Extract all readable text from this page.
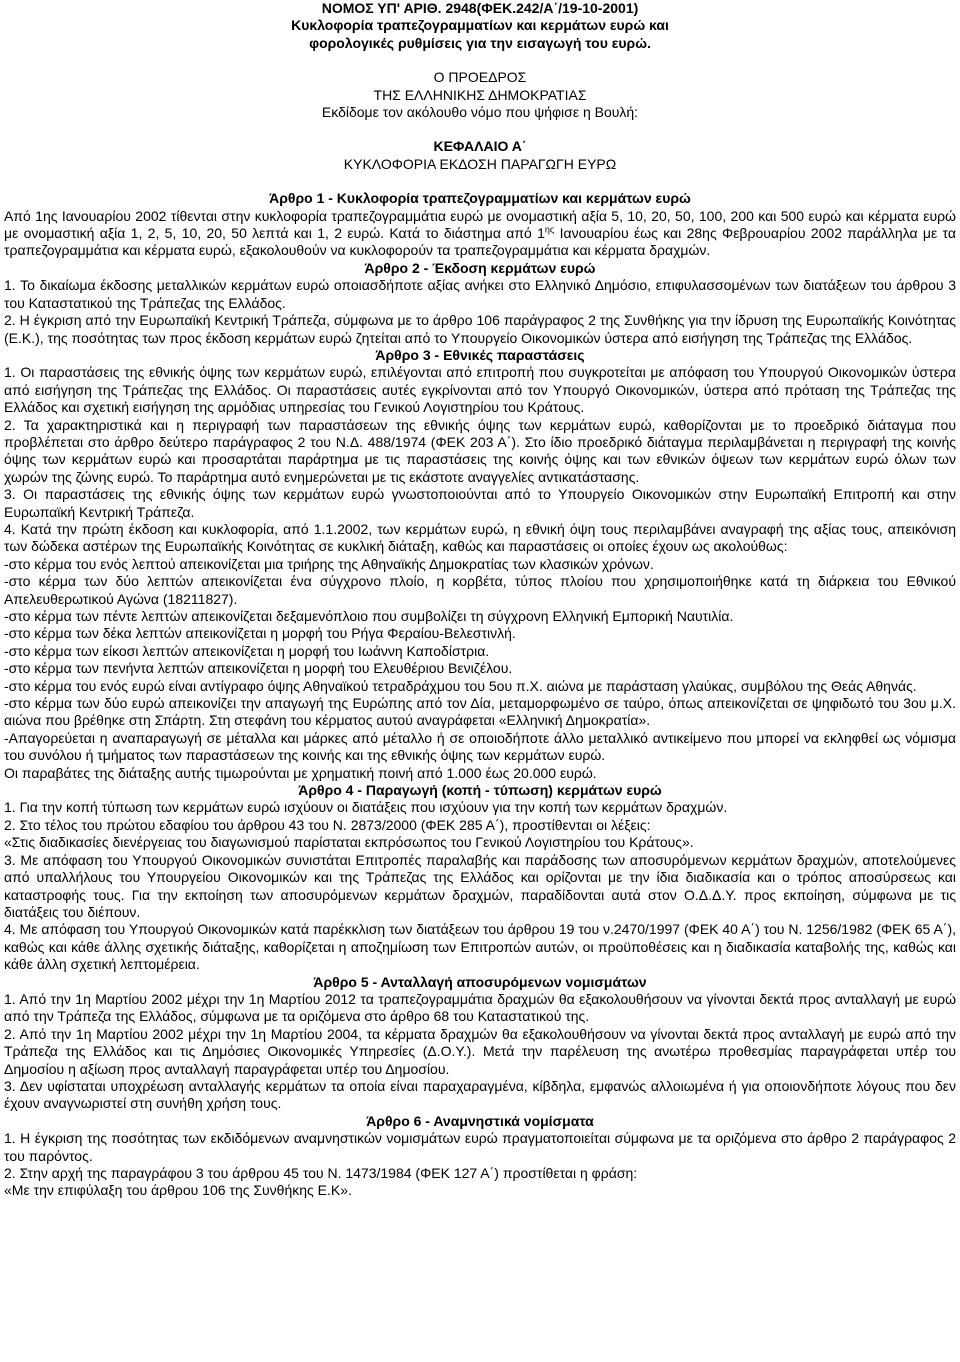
ΝΟΜΟΣ ΥΠ' ΑΡΙΘ. 2948(ΦΕΚ.242/Α΄/19-10-2001)
Κυκλοφορία τραπεζογραμματίων και κερμάτων ευρώ και
φορολογικές ρυθμίσεις για την εισαγωγή του ευρώ.
Ο ΠΡΟΕΔΡΟΣ
ΤΗΣ ΕΛΛΗΝΙΚΗΣ ΔΗΜΟΚΡΑΤΙΑΣ
Εκδίδομε τον ακόλουθο νόμο που ψήφισε η Βουλή:
ΚΕΦΑΛΑΙΟ Α΄
ΚΥΚΛΟΦΟΡΙΑ ΕΚΔΟΣΗ ΠΑΡΑΓΩΓΗ ΕΥΡΩ
Άρθρο 1 - Κυκλοφορία τραπεζογραμματίων και κερμάτων ευρώ

Από 1ης Ιανουαρίου 2002 τίθενται στην κυκλοφορία τραπεζογραμμάτια ευρώ με ονομαστική αξία 5, 10, 20, 50, 100, 200 και 500 ευρώ και κέρματα ευρώ με ονομαστική αξία 1, 2, 5, 10, 20, 50 λεπτά και 1, 2 ευρώ. Κατά το διάστημα από $1^{\eta\varsigma}$ Ιανουαρίου έως και 28ης Φεβρουαρίου 2002 παράλληλα με τα τραπεζογραμμάτια και κέρματα ευρώ, εξακολουθούν να κυκλοφορούν τα τραπεζογραμμάτια και κέρματα δραχμών.

Άρθρο 2 - Έκδοση κερμάτων ευρώ

1. Το δικαίωμα έκδοσης μεταλλικών κερμάτων ευρώ οποιασδήποτε αξίας ανήκει στο Ελληνικό Δημόσιο, επιφυλασσομένων των διατάξεων του άρθρου 3 του Καταστατικού της Τράπεζας της Ελλάδος.

2. Η έγκριση από την Ευρωπαϊκή Κεντρική Τράπεζα, σύμφωνα με το άρθρο 106 παράγραφος 2 της Συνθήκης για την ίδρυση της Ευρωπαϊκής Κοινότητας (Ε.Κ.), της ποσότητας των προς έκδοση κερμάτων ευρώ ζητείται από το Υπουργείο Οικονομικών ύστερα από εισήγηση της Τράπεζας της Ελλάδος.

Άρθρο 3 - Εθνικές παραστάσεις

1. Οι παραστάσεις της εθνικής όψης των κερμάτων ευρώ, επιλέγονται από επιτροπή που συγκροτείται με απόφαση του Υπουργού Οικονομικών ύστερα από εισήγηση της Τράπεζας της Ελλάδος. Οι παραστάσεις αυτές εγκρίνονται από τον Υπουργό Οικονομικών, ύστερα από πρόταση της Τράπεζας της Ελλάδος και σχετική εισήγηση της αρμόδιας υπηρεσίας του Γενικού Λογιστηρίου του Κράτους.

2. Τα χαρακτηριστικά και η περιγραφή των παραστάσεων της εθνικής όψης των κερμάτων ευρώ, καθορίζονται με το προεδρικό διάταγμα που προβλέπεται στο άρθρο δεύτερο παράγραφος 2 του Ν.Δ. 488/1974 (ΦΕΚ 203 Α΄). Στο ίδιο προεδρικό διάταγμα περιλαμβάνεται η περιγραφή της κοινής όψης των κερμάτων ευρώ και προσαρτάται παράρτημα με τις παραστάσεις της κοινής όψης και των εθνικών όψεων των κερμάτων ευρώ όλων των χωρών της ζώνης ευρώ. Το παράρτημα αυτό ενημερώνεται με τις εκάστοτε αναγγελίες αντικατάστασης.

3. Οι παραστάσεις της εθνικής όψης των κερμάτων ευρώ γνωστοποιούνται από το Υπουργείο Οικονομικών στην Ευρωπαϊκή Επιτροπή και στην Ευρωπαϊκή Κεντρική Τράπεζα.

4. Κατά την πρώτη έκδοση και κυκλοφορία, από 1.1.2002, των κερμάτων ευρώ, η εθνική όψη τους περιλαμβάνει αναγραφή της αξίας τους, απεικόνιση των δώδεκα αστέρων της Ευρωπαϊκής Κοινότητας σε κυκλική διάταξη, καθώς και παραστάσεις οι οποίες έχουν ως ακολούθως:

-στο κέρμα του ενός λεπτού απεικονίζεται μια τριήρης της Αθηναϊκής Δημοκρατίας των κλασικών χρόνων.

-στο κέρμα των δύο λεπτών απεικονίζεται ένα σύγχρονο πλοίο, η κορβέτα, τύπος πλοίου που χρησιμοποιήθηκε κατά τη διάρκεια του Εθνικού Απελευθερωτικού Αγώνα (18211827).

-στο κέρμα των πέντε λεπτών απεικονίζεται δεξαμενόπλοιο που συμβολίζει τη σύγχρονη Ελληνική Εμπορική Ναυτιλία.

-στο κέρμα των δέκα λεπτών απεικονίζεται η μορφή του Ρήγα Φεραίου-Βελεστινλή.

-στο κέρμα των είκοσι λεπτών απεικονίζεται η μορφή του Ιωάννη Καποδίστρια.

-στο κέρμα των πενήντα λεπτών απεικονίζεται η μορφή του Ελευθέριου Βενιζέλου.

-στο κέρμα του ενός ευρώ είναι αντίγραφο όψης Αθηναϊκού τετραδράχμου του 5ου π.Χ. αιώνα με παράσταση γλαύκας, συμβόλου της Θεάς Αθηνάς.

-στο κέρμα των δύο ευρώ απεικονίζει την απαγωγή της Ευρώπης από τον Δία, μεταμορφωμένο σε ταύρο, όπως απεικονίζεται σε ψηφιδωτό του 3ου μ.Χ. αιώνα που βρέθηκε στη Σπάρτη. Στη στεφάνη του κέρματος αυτού αναγράφεται «Ελληνική Δημοκρατία».

-Απαγορεύεται η αναπαραγωγή σε μέταλλα και μάρκες από μέταλλο ή σε οποιοδήποτε άλλο μεταλλικό αντικείμενο που μπορεί να εκληφθεί ως νόμισμα του συνόλου ή τμήματος των παραστάσεων της κοινής και της εθνικής όψης των κερμάτων ευρώ.

Οι παραβάτες της διάταξης αυτής τιμωρούνται με χρηματική ποινή από 1.000 έως 20.000 ευρώ.

Άρθρο 4 - Παραγωγή (κοπή - τύπωση) κερμάτων ευρώ

1. Για την κοπή τύπωση των κερμάτων ευρώ ισχύουν οι διατάξεις που ισχύουν για την κοπή των κερμάτων δραχμών.

2. Στο τέλος του πρώτου εδαφίου του άρθρου 43 του Ν. 2873/2000 (ΦΕΚ 285 Α΄), προστίθενται οι λέξεις:

«Στις διαδικασίες διενέργειας του διαγωνισμού παρίσταται εκπρόσωπος του Γενικού Λογιστηρίου του Κράτους».

3. Με απόφαση του Υπουργού Οικονομικών συνιστάται Επιτροπές παραλαβής και παράδοσης των αποσυρόμενων κερμάτων δραχμών, αποτελούμενες από υπαλλήλους του Υπουργείου Οικονομικών και της Τράπεζας της Ελλάδος και ορίζονται με την ίδια διαδικασία και ο τρόπος αποσύρσεως και καταστροφής τους. Για την εκποίηση των αποσυρόμενων κερμάτων δραχμών, παραδίδονται αυτά στον Ο.Δ.Δ.Υ. προς εκποίηση, σύμφωνα με τις διατάξεις του διέπουν.

4. Με απόφαση του Υπουργού Οικονομικών κατά παρέκκλιση των διατάξεων του άρθρου 19 του ν.2470/1997 (ΦΕΚ 40 Α΄) του Ν. 1256/1982 (ΦΕΚ 65 Α΄), καθώς και κάθε άλλης σχετικής διάταξης, καθορίζεται η αποζημίωση των Επιτροπών αυτών, οι προϋποθέσεις και η διαδικασία καταβολής της, καθώς και κάθε άλλη σχετική λεπτομέρεια.

Άρθρο 5 - Ανταλλαγή αποσυρόμενων νομισμάτων

1. Από την 1η Μαρτίου 2002 μέχρι την 1η Μαρτίου 2012 τα τραπεζογραμμάτια δραχμών θα εξακολουθήσουν να γίνονται δεκτά προς ανταλλαγή με ευρώ από την Τράπεζα της Ελλάδος, σύμφωνα με τα οριζόμενα στο άρθρο 68 του Καταστατικού της.

2. Από την 1η Μαρτίου 2002 μέχρι την 1η Μαρτίου 2004, τα κέρματα δραχμών θα εξακολουθήσουν να γίνονται δεκτά προς ανταλλαγή με ευρώ από την Τράπεζα της Ελλάδος και τις Δημόσιες Οικονομικές Υπηρεσίες (Δ.Ο.Υ.). Μετά την παρέλευση της ανωτέρω προθεσμίας παραγράφεται υπέρ του Δημοσίου η αξίωση προς ανταλλαγή παραγράφεται υπέρ του Δημοσίου.

3. Δεν υφίσταται υποχρέωση ανταλλαγής κερμάτων τα οποία είναι παραχαραγμένα, κίβδηλα, εμφανώς αλλοιωμένα ή για οποιονδήποτε λόγους που δεν έχουν αναγνωριστεί στη συνήθη χρήση τους.

Άρθρο 6 - Αναμνηστικά νομίσματα

1. Η έγκριση της ποσότητας των εκδιδόμενων αναμνηστικών νομισμάτων ευρώ πραγματοποιείται σύμφωνα με τα οριζόμενα στο άρθρο 2 παράγραφος 2 του παρόντος.

2. Στην αρχή της παραγράφου 3 του άρθρου 45 του Ν. 1473/1984 (ΦΕΚ 127 Α΄) προστίθεται η φράση:

«Με την επιφύλαξη του άρθρου 106 της Συνθήκης Ε.Κ».
